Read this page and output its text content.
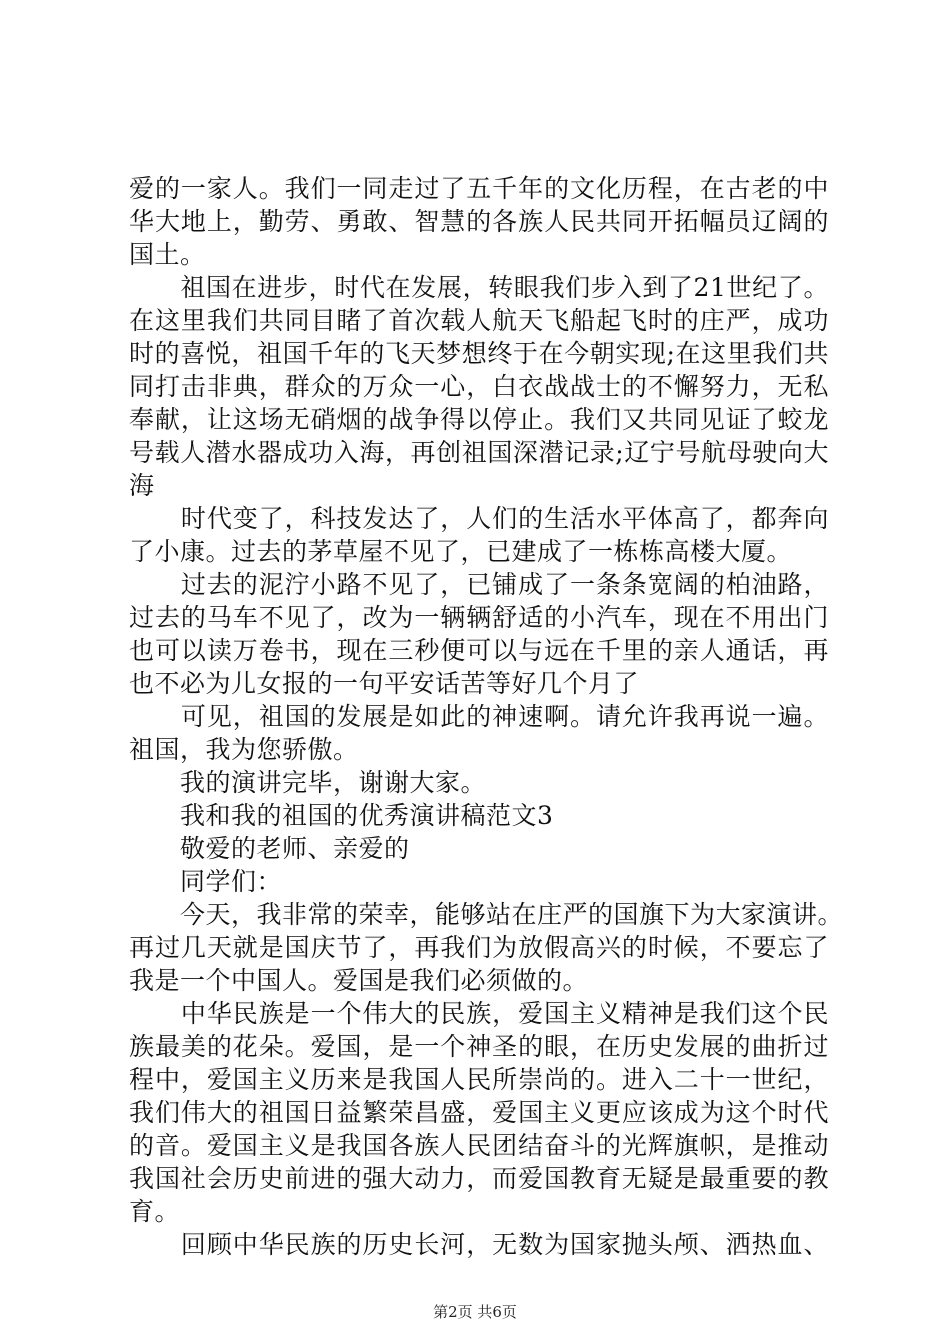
爱的一家人。我们一同走过了五千年的文化历程，在古老的中
华大地上，勤劳、勇敢、智慧的各族人民共同开拓幅员辽阔的
国土。
　　祖国在进步，时代在发展，转眼我们步入到了21世纪了。
在这里我们共同目睹了首次载人航天飞船起飞时的庄严，成功
时的喜悦，祖国千年的飞天梦想终于在今朝实现;在这里我们共
同打击非典，群众的万众一心，白衣战战士的不懈努力，无私
奉献，让这场无硝烟的战争得以停止。我们又共同见证了蛟龙
号载人潜水器成功入海，再创祖国深潜记录;辽宁号航母驶向大
海
　　时代变了，科技发达了，人们的生活水平体高了，都奔向
了小康。过去的茅草屋不见了，已建成了一栋栋高楼大厦。
　　过去的泥泞小路不见了，已铺成了一条条宽阔的柏油路，
过去的马车不见了，改为一辆辆舒适的小汽车，现在不用出门
也可以读万卷书，现在三秒便可以与远在千里的亲人通话，再
也不必为儿女报的一句平安话苦等好几个月了
　　可见，祖国的发展是如此的神速啊。请允许我再说一遍。
祖国，我为您骄傲。
　　我的演讲完毕，谢谢大家。
　　我和我的祖国的优秀演讲稿范文3
　　敬爱的老师、亲爱的
　　同学们：
　　今天，我非常的荣幸，能够站在庄严的国旗下为大家演讲。
再过几天就是国庆节了，再我们为放假高兴的时候，不要忘了
我是一个中国人。爱国是我们必须做的。
　　中华民族是一个伟大的民族，爱国主义精神是我们这个民
族最美的花朵。爱国，是一个神圣的眼，在历史发展的曲折过
程中，爱国主义历来是我国人民所崇尚的。进入二十一世纪，
我们伟大的祖国日益繁荣昌盛，爱国主义更应该成为这个时代
的音。爱国主义是我国各族人民团结奋斗的光辉旗帜，是推动
我国社会历史前进的强大动力，而爱国教育无疑是最重要的教
育。
　　回顾中华民族的历史长河，无数为国家抛头颅、洒热血、
第2页 共6页
